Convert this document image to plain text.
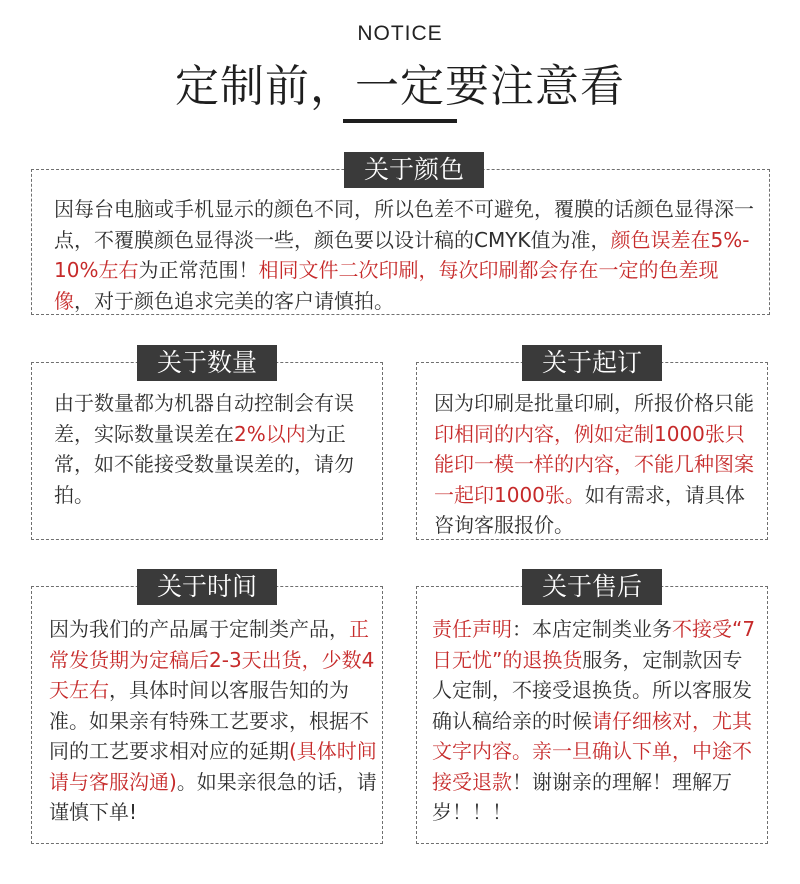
NOTICE
定制前，一定要注意看
关于颜色
因每台电脑或手机显示的颜色不同，所以色差不可避免，覆膜的话颜色显得深一点，不覆膜颜色显得淡一些，颜色要以设计稿的CMYK值为准，颜色误差在5%- 10%左右为正常范围！相同文件二次印刷，每次印刷都会存在一定的色差现像，对于颜色追求完美的客户请慎拍。
关于数量
由于数量都为机器自动控制会有误差，实际数量误差在2%以内为正常，如不能接受数量误差的，请勿拍。
关于起订
因为印刷是批量印刷，所报价格只能印相同的内容，例如定制1000张只能印一模一样的内容，不能几种图案一起印1000张。如有需求，请具体咨询客服报价。
关于时间
因为我们的产品属于定制类产品，正常发货期为定稿后2-3天出货，少数4天左右，具体时间以客服告知的为准。如果亲有特殊工艺要求，根据不同的工艺要求相对应的延期(具体时间请与客服沟通)。如果亲很急的话，请谨慎下单!
关于售后
责任声明：本店定制类业务不接受“7日无忧”的退换货服务，定制款因专人定制，不接受退换货。所以客服发确认稿给亲的时候请仔细核对，尤其文字内容。亲一旦确认下单，中途不接受退款！谢谢亲的理解！理解万岁！！！
